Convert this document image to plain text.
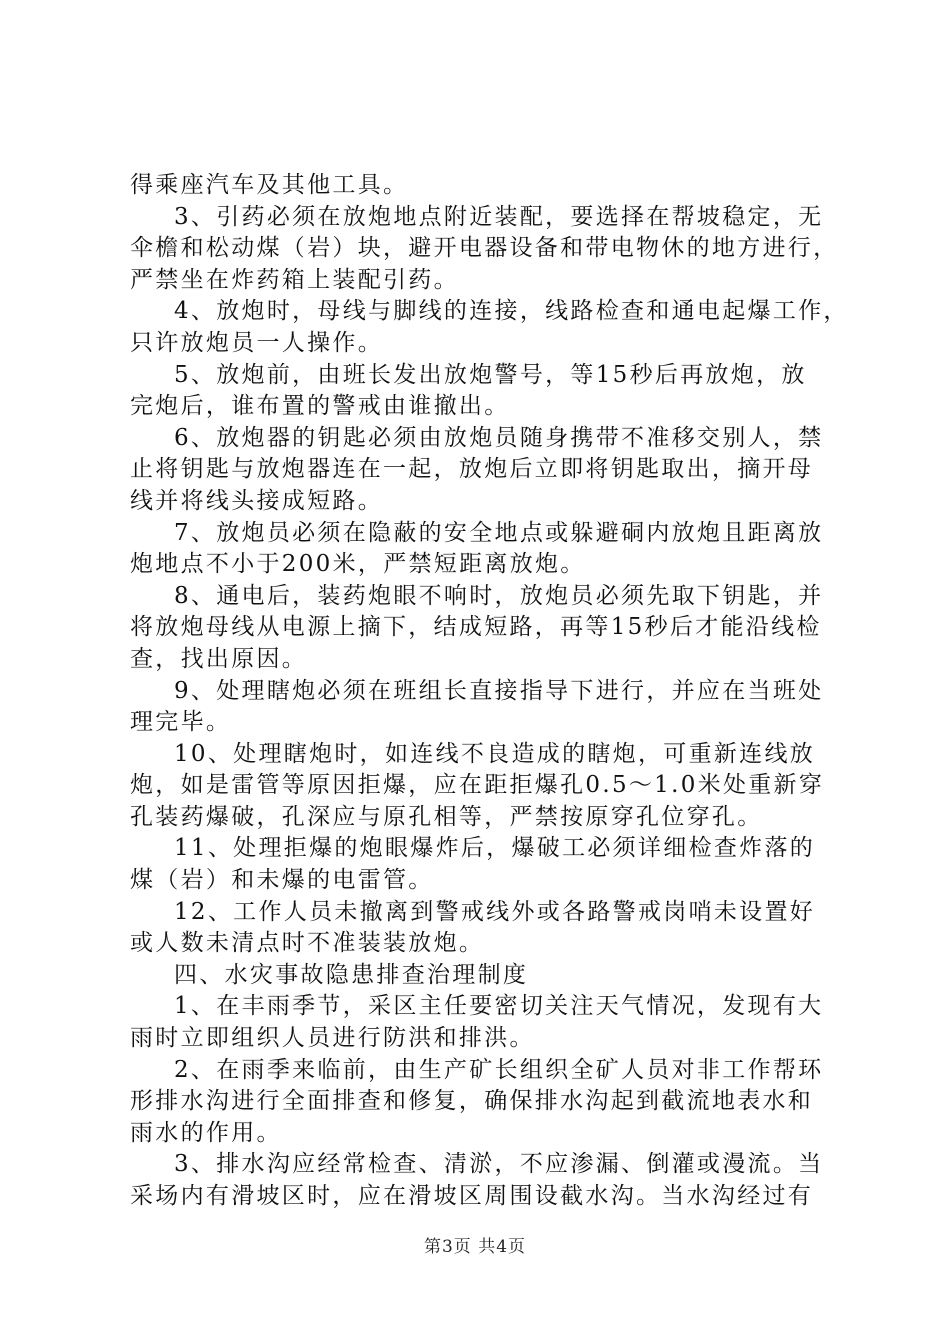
得乘座汽车及其他工具。
3、引药必须在放炮地点附近装配，要选择在帮坡稳定，无
伞檐和松动煤（岩）块，避开电器设备和带电物休的地方进行，
严禁坐在炸药箱上装配引药。
4、放炮时，母线与脚线的连接，线路检查和通电起爆工作，
只许放炮员一人操作。
5、放炮前，由班长发出放炮警号，等15秒后再放炮，放
完炮后，谁布置的警戒由谁撤出。
6、放炮器的钥匙必须由放炮员随身携带不准移交别人，禁
止将钥匙与放炮器连在一起，放炮后立即将钥匙取出，摘开母
线并将线头接成短路。
7、放炮员必须在隐蔽的安全地点或躲避硐内放炮且距离放
炮地点不小于200米，严禁短距离放炮。
8、通电后，装药炮眼不响时，放炮员必须先取下钥匙，并
将放炮母线从电源上摘下，结成短路，再等15秒后才能沿线检
查，找出原因。
9、处理瞎炮必须在班组长直接指导下进行，并应在当班处
理完毕。
10、处理瞎炮时，如连线不良造成的瞎炮，可重新连线放
炮，如是雷管等原因拒爆，应在距拒爆孔0.5～1.0米处重新穿
孔装药爆破，孔深应与原孔相等，严禁按原穿孔位穿孔。
11、处理拒爆的炮眼爆炸后，爆破工必须详细检查炸落的
煤（岩）和未爆的电雷管。
12、工作人员未撤离到警戒线外或各路警戒岗哨未设置好
或人数未清点时不准装装放炮。
四、水灾事故隐患排查治理制度
1、在丰雨季节，采区主任要密切关注天气情况，发现有大
雨时立即组织人员进行防洪和排洪。
2、在雨季来临前，由生产矿长组织全矿人员对非工作帮环
形排水沟进行全面排查和修复，确保排水沟起到截流地表水和
雨水的作用。
3、排水沟应经常检查、清淤，不应渗漏、倒灌或漫流。当
采场内有滑坡区时，应在滑坡区周围设截水沟。当水沟经过有
第3页 共4页
